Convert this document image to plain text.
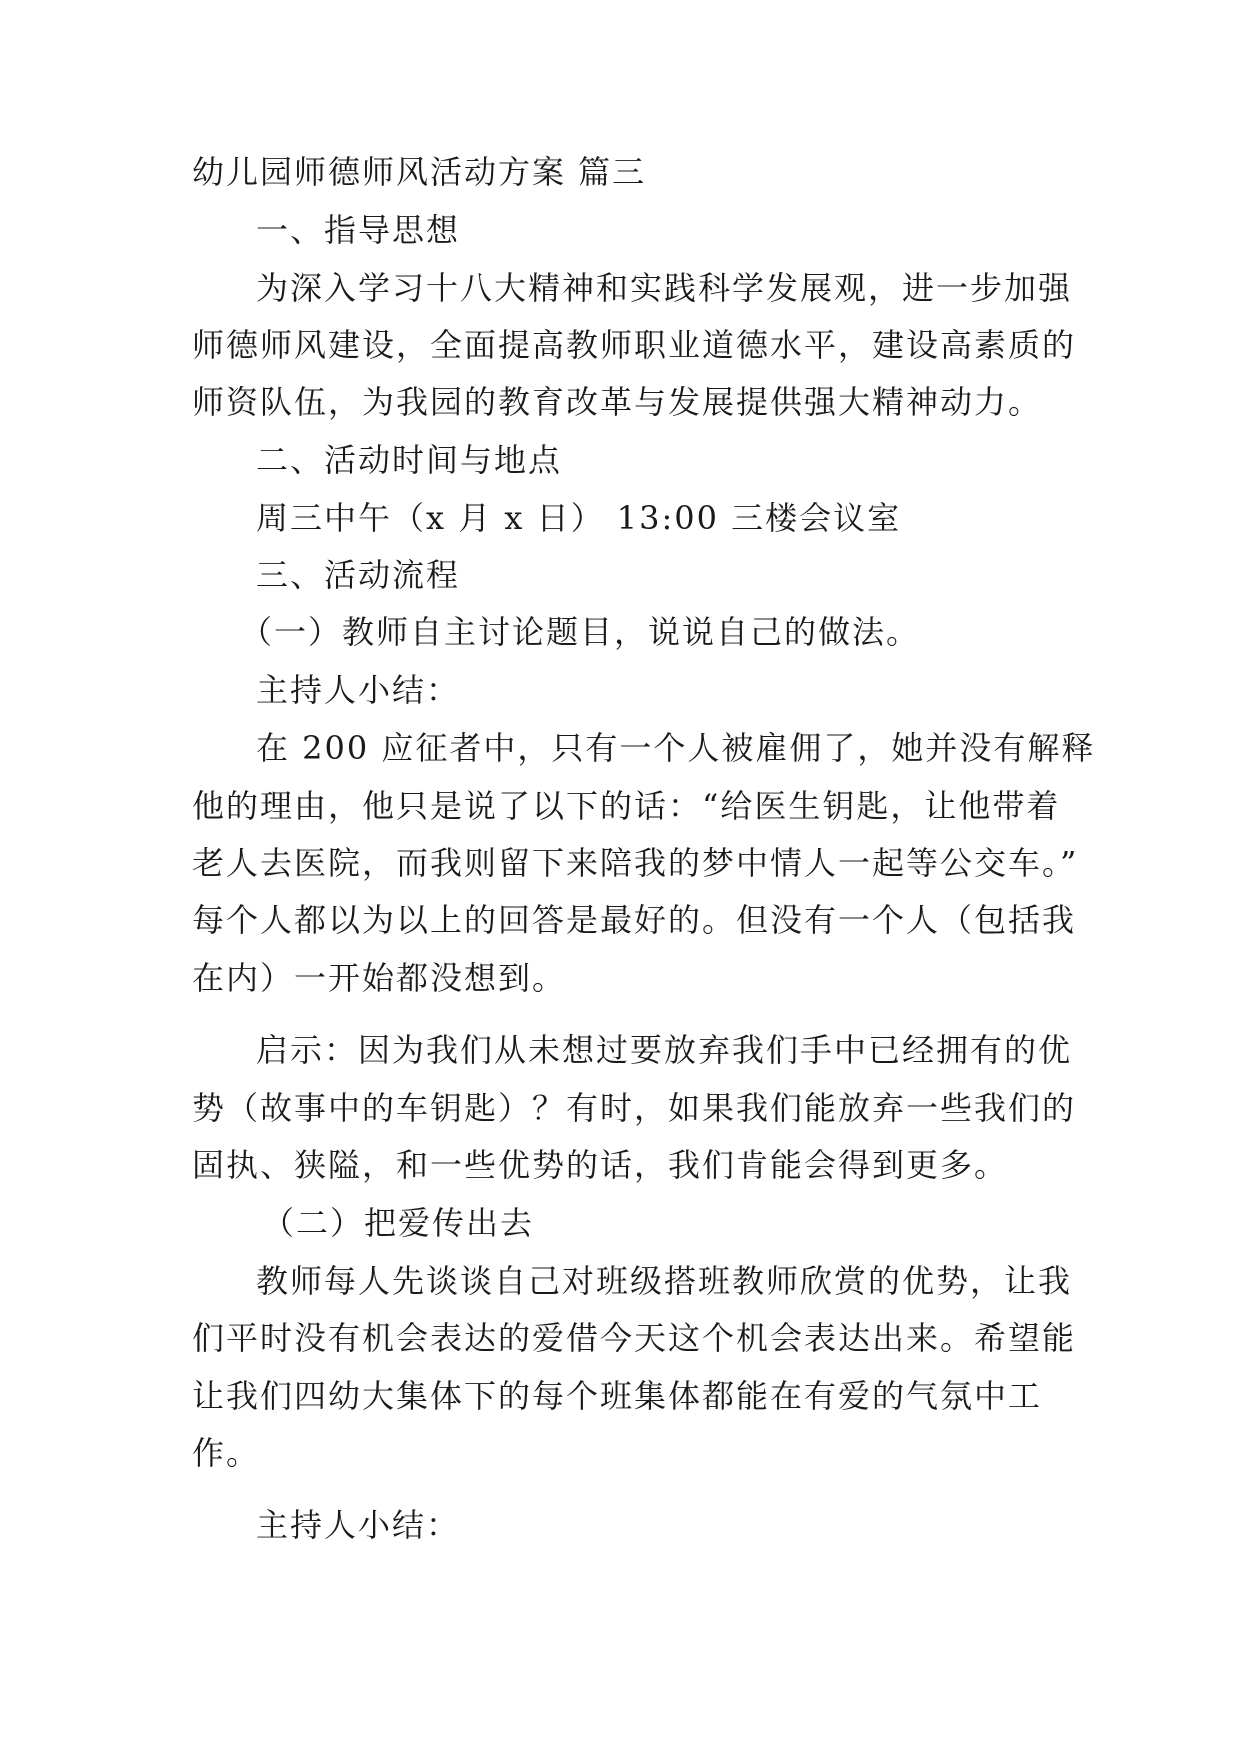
幼儿园师德师风活动方案 篇三
一、指导思想
为深入学习十八大精神和实践科学发展观，进一步加强
师德师风建设，全面提高教师职业道德水平，建设高素质的
师资队伍，为我园的教育改革与发展提供强大精神动力。
二、活动时间与地点
周三中午（x 月 x 日） 13:00 三楼会议室
三、活动流程
（一）教师自主讨论题目，说说自己的做法。
主持人小结：
在 200 应征者中，只有一个人被雇佣了，她并没有解释
他的理由，他只是说了以下的话：“给医生钥匙，让他带着
老人去医院，而我则留下来陪我的梦中情人一起等公交车。”
每个人都以为以上的回答是最好的。但没有一个人（包括我
在内）一开始都没想到。
启示：因为我们从未想过要放弃我们手中已经拥有的优
势（故事中的车钥匙）？有时，如果我们能放弃一些我们的
固执、狭隘，和一些优势的话，我们肯能会得到更多。
（二）把爱传出去
教师每人先谈谈自己对班级搭班教师欣赏的优势，让我
们平时没有机会表达的爱借今天这个机会表达出来。希望能
让我们四幼大集体下的每个班集体都能在有爱的气氛中工
作。
主持人小结：
